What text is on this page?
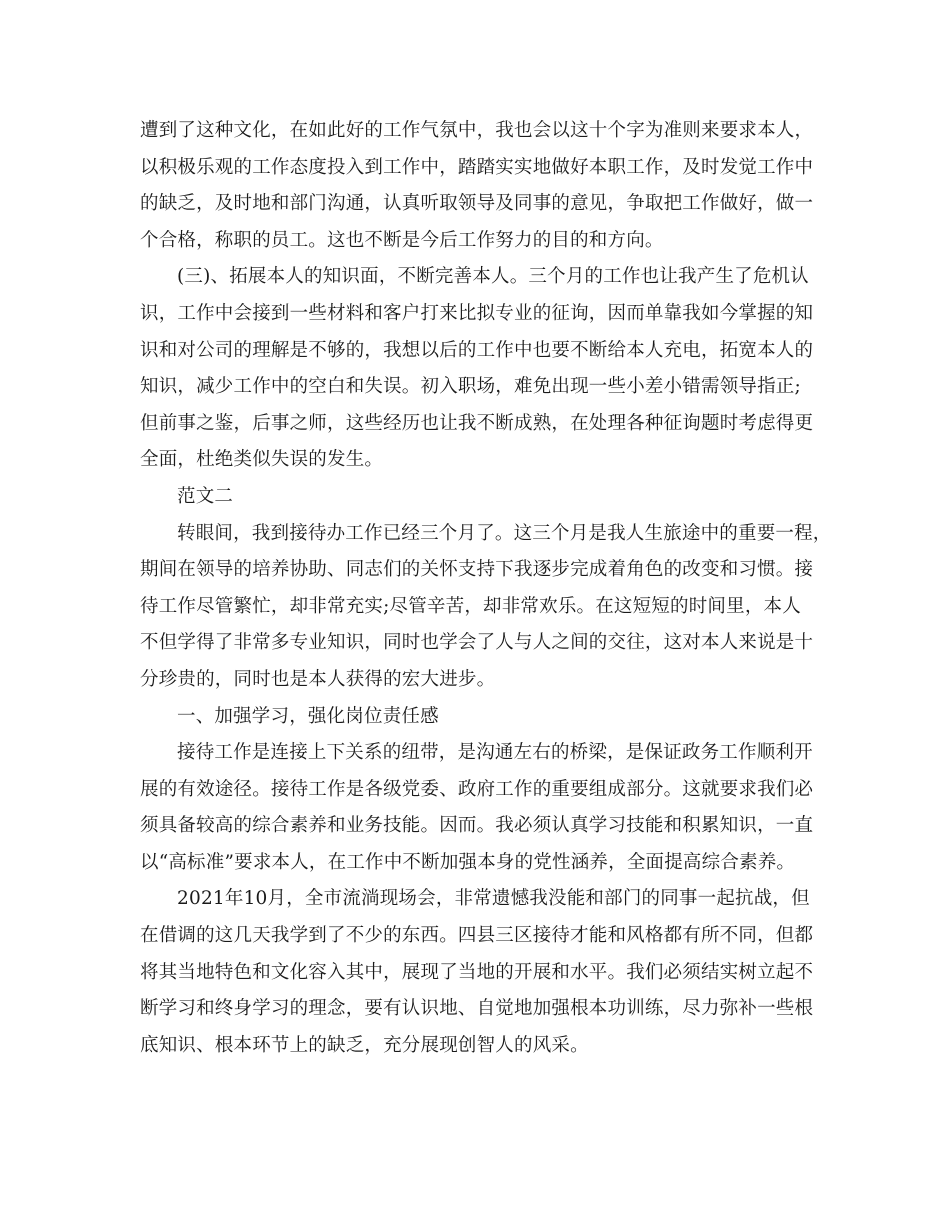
遭到了这种文化，在如此好的工作气氛中，我也会以这十个字为准则来要求本人，
以积极乐观的工作态度投入到工作中，踏踏实实地做好本职工作，及时发觉工作中
的缺乏，及时地和部门沟通，认真听取领导及同事的意见，争取把工作做好，做一
个合格，称职的员工。这也不断是今后工作努力的目的和方向。
(三)、拓展本人的知识面，不断完善本人。三个月的工作也让我产生了危机认
识，工作中会接到一些材料和客户打来比拟专业的征询，因而单靠我如今掌握的知
识和对公司的理解是不够的，我想以后的工作中也要不断给本人充电，拓宽本人的
知识，减少工作中的空白和失误。初入职场，难免出现一些小差小错需领导指正;
但前事之鉴，后事之师，这些经历也让我不断成熟，在处理各种征询题时考虑得更
全面，杜绝类似失误的发生。
范文二
转眼间，我到接待办工作已经三个月了。这三个月是我人生旅途中的重要一程，
期间在领导的培养协助、同志们的关怀支持下我逐步完成着角色的改变和习惯。接
待工作尽管繁忙，却非常充实;尽管辛苦，却非常欢乐。在这短短的时间里，本人
不但学得了非常多专业知识，同时也学会了人与人之间的交往，这对本人来说是十
分珍贵的，同时也是本人获得的宏大进步。
一、加强学习，强化岗位责任感
接待工作是连接上下关系的纽带，是沟通左右的桥梁，是保证政务工作顺利开
展的有效途径。接待工作是各级党委、政府工作的重要组成部分。这就要求我们必
须具备较高的综合素养和业务技能。因而。我必须认真学习技能和积累知识，一直
以“高标准”要求本人，在工作中不断加强本身的党性涵养，全面提高综合素养。
2021年10月，全市流淌现场会，非常遗憾我没能和部门的同事一起抗战，但
在借调的这几天我学到了不少的东西。四县三区接待才能和风格都有所不同，但都
将其当地特色和文化容入其中，展现了当地的开展和水平。我们必须结实树立起不
断学习和终身学习的理念，要有认识地、自觉地加强根本功训练，尽力弥补一些根
底知识、根本环节上的缺乏，充分展现创智人的风采。
